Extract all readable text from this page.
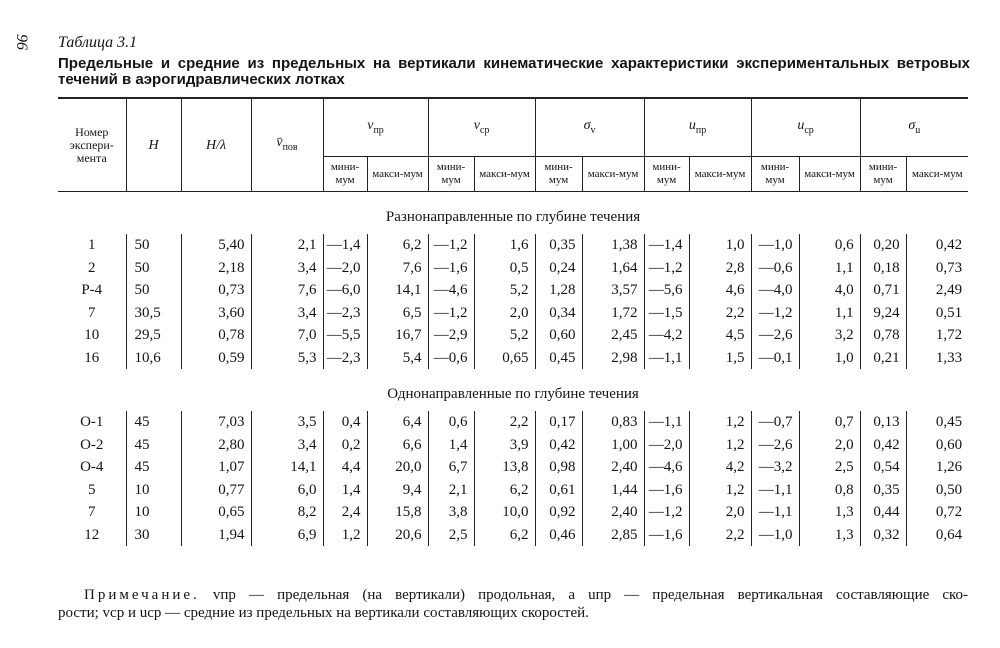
96 Таблица 3.1
Предельные и средние из предельных на вертикали кинематические характеристики экспериментальных ветровых
течений в аэрогидравлических лотках
Номер экспери-мента	H	H/λ	$v̄_{пов}$	$v_{пр}$		$v_{ср}$		$\sigma_v$		$u_{пр}$		$u_{ср}$		$\sigma_u$
				мини-мум	макси-мум	мини-мум	макси-мум	мини-мум	макси-мум	мини-мум	макси-мум	мини-мум	макси-мум	мини-мум	макси-мум
Разнонаправленные по глубине течения															
1	50	5,40	2,1	—1,4	6,2	—1,2	1,6	0,35	1,38	—1,4	1,0	—1,0	0,6	0,20	0,42
2	50	2,18	3,4	—2,0	7,6	—1,6	0,5	0,24	1,64	—1,2	2,8	—0,6	1,1	0,18	0,73
P-4	50	0,73	7,6	—6,0	14,1	—4,6	5,2	1,28	3,57	—5,6	4,6	—4,0	4,0	0,71	2,49
7	30,5	3,60	3,4	—2,3	6,5	—1,2	2,0	0,34	1,72	—1,5	2,2	—1,2	1,1	9,24	0,51
10	29,5	0,78	7,0	—5,5	16,7	—2,9	5,2	0,60	2,45	—4,2	4,5	—2,6	3,2	0,78	1,72
16	10,6	0,59	5,3	—2,3	5,4	—0,6	0,65	0,45	2,98	—1,1	1,5	—0,1	1,0	0,21	1,33
Однонаправленные по глубине течения															
O-1	45	7,03	3,5	0,4	6,4	0,6	2,2	0,17	0,83	—1,1	1,2	—0,7	0,7	0,13	0,45
O-2	45	2,80	3,4	0,2	6,6	1,4	3,9	0,42	1,00	—2,0	1,2	—2,6	2,0	0,42	0,60
O-4	45	1,07	14,1	4,4	20,0	6,7	13,8	0,98	2,40	—4,6	4,2	—3,2	2,5	0,54	1,26
5	10	0,77	6,0	1,4	9,4	2,1	6,2	0,61	1,44	—1,6	1,2	—1,1	0,8	0,35	0,50
7	10	0,65	8,2	2,4	15,8	3,8	10,0	0,92	2,40	—1,2	2,0	—1,1	1,3	0,44	0,72
12	30	1,94	6,9	1,2	20,6	2,5	6,2	0,46	2,85	—1,6	2,2	—1,0	1,3	0,32	0,64
Примечание. vпр — предельная (на вертикали) продольная, а uпр — предельная вертикальная составляющие ско-
рости; vср и uср — средние из предельных на вертикали составляющих скоростей.
